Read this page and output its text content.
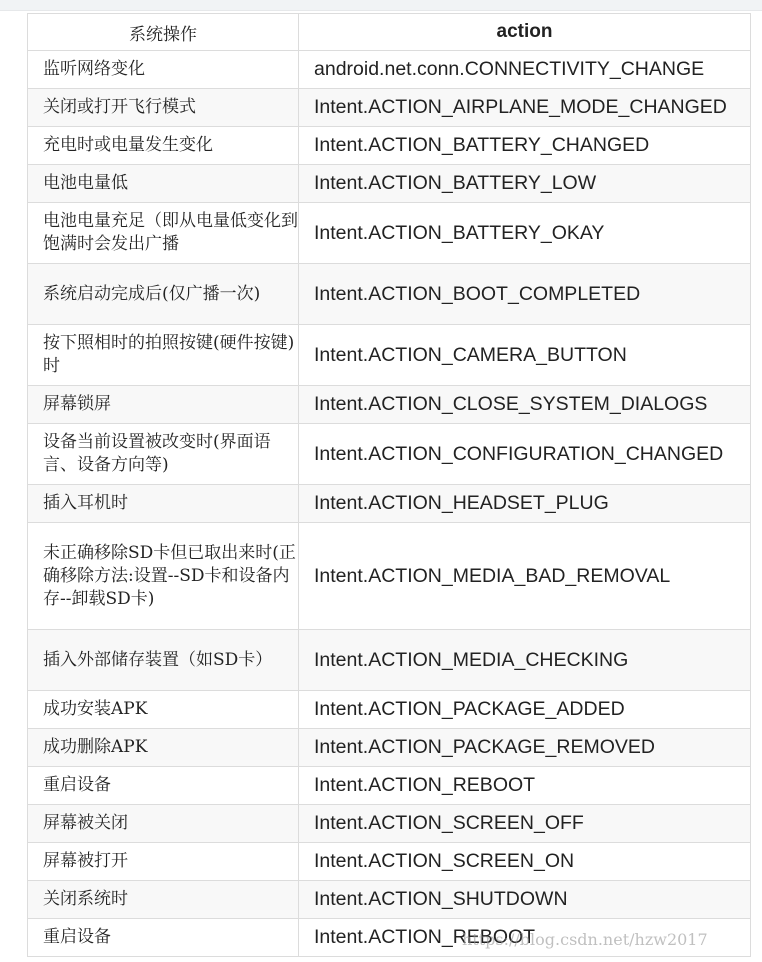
系统操作	action
监听网络变化	android.net.conn.CONNECTIVITY_CHANGE
关闭或打开飞行模式	Intent.ACTION_AIRPLANE_MODE_CHANGED
充电时或电量发生变化	Intent.ACTION_BATTERY_CHANGED
电池电量低	Intent.ACTION_BATTERY_LOW
电池电量充足（即从电量低变化到饱满时会发出广播	Intent.ACTION_BATTERY_OKAY
系统启动完成后(仅广播一次)	Intent.ACTION_BOOT_COMPLETED
按下照相时的拍照按键(硬件按键)时	Intent.ACTION_CAMERA_BUTTON
屏幕锁屏	Intent.ACTION_CLOSE_SYSTEM_DIALOGS
设备当前设置被改变时(界面语言、设备方向等)	Intent.ACTION_CONFIGURATION_CHANGED
插入耳机时	Intent.ACTION_HEADSET_PLUG
未正确移除SD卡但已取出来时(正确移除方法:设置--SD卡和设备内存--卸载SD卡)	Intent.ACTION_MEDIA_BAD_REMOVAL
插入外部储存装置（如SD卡）	Intent.ACTION_MEDIA_CHECKING
成功安装APK	Intent.ACTION_PACKAGE_ADDED
成功删除APK	Intent.ACTION_PACKAGE_REMOVED
重启设备	Intent.ACTION_REBOOT
屏幕被关闭	Intent.ACTION_SCREEN_OFF
屏幕被打开	Intent.ACTION_SCREEN_ON
关闭系统时	Intent.ACTION_SHUTDOWN
重启设备	Intent.ACTION_REBOOT
https://blog.csdn.net/hzw2017
